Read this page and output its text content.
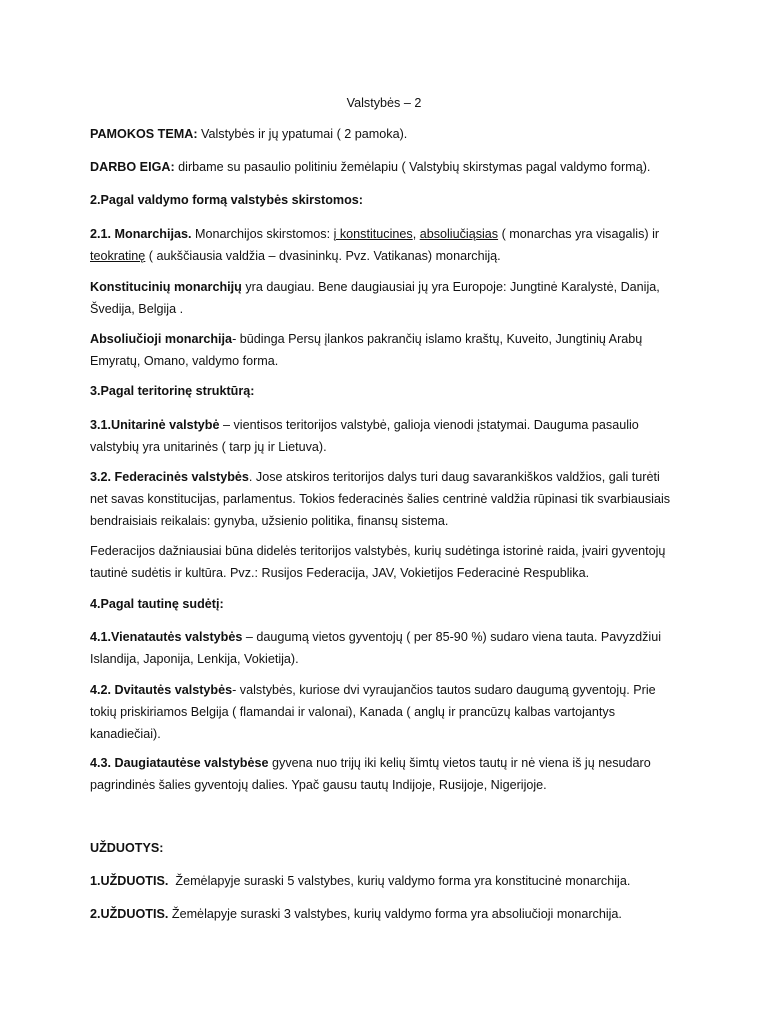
Valstybės – 2

PAMOKOS TEMA: Valstybės ir jų ypatumai ( 2 pamoka).

DARBO EIGA: dirbame su pasaulio politiniu žemėlapiu ( Valstybių skirstymas pagal valdymo formą).

2.Pagal valdymo formą valstybės skirstomos:

2.1. Monarchijas. Monarchijos skirstomos: į konstitucines, absoliučiąsias ( monarchas yra visagalis) ir teokratinę ( aukščiausia valdžia – dvasininkų. Pvz. Vatikanas) monarchiją.

Konstitucinių monarchijų yra daugiau. Bene daugiausiai jų yra Europoje: Jungtinė Karalystė, Danija, Švedija, Belgija .

Absoliučioji monarchija- būdinga Persų įlankos pakrančių islamo kraštų, Kuveito, Jungtinių Arabų Emyratų, Omano, valdymo forma.

3.Pagal teritorinę struktūrą:

3.1.Unitarinė valstybė – vientisos teritorijos valstybė, galioja vienodi įstatymai. Dauguma pasaulio valstybių yra unitarinės ( tarp jų ir Lietuva).

3.2. Federacinės valstybės. Jose atskiros teritorijos dalys turi daug savarankiškos valdžios, gali turėti net savas konstitucijas, parlamentus. Tokios federacinės šalies centrinė valdžia rūpinasi tik svarbiausiais bendraisiais reikalais: gynyba, užsienio politika, finansų sistema.

Federacijos dažniausiai būna didelės teritorijos valstybės, kurių sudėtinga istorinė raida, įvairi gyventojų tautinė sudėtis ir kultūra. Pvz.: Rusijos Federacija, JAV, Vokietijos Federacinė Respublika.

4.Pagal tautinę sudėtį:

4.1.Vienatautės valstybės – daugumą vietos gyventojų ( per 85-90 %) sudaro viena tauta. Pavyzdžiui Islandija, Japonija, Lenkija, Vokietija).

4.2. Dvitautės valstybės- valstybės, kuriose dvi vyraujančios tautos sudaro daugumą gyventojų. Prie tokių priskiriamos Belgija ( flamandai ir valonai), Kanada ( anglų ir prancūzų kalbas vartojantys kanadiečiai).

4.3. Daugiatautėse valstybėse gyvena nuo trijų iki kelių šimtų vietos tautų ir nė viena iš jų nesudaro pagrindinės šalies gyventojų dalies. Ypač gausu tautų Indijoje, Rusijoje, Nigerijoje.

UŽDUOTYS:

1.UŽDUOTIS.  Žemėlapyje suraski 5 valstybes, kurių valdymo forma yra konstitucinė monarchija.

2.UŽDUOTIS. Žemėlapyje suraski 3 valstybes, kurių valdymo forma yra absoliučioji monarchija.
